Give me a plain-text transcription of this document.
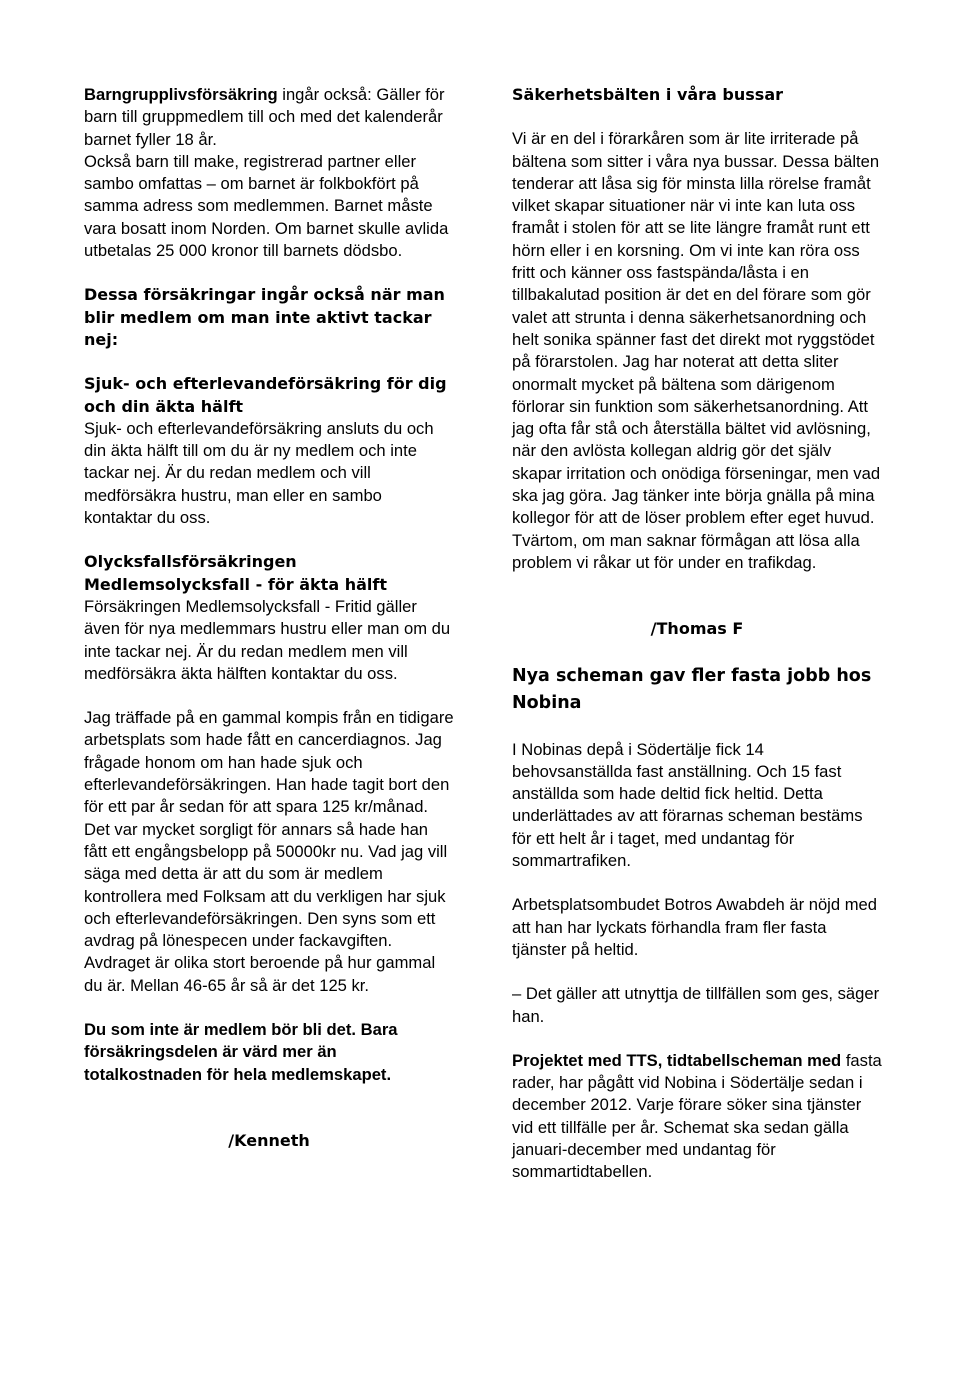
Barngrupplivsförsäkring ingår också: Gäller för barn till gruppmedlem till och med det kalenderår barnet fyller 18 år.
Också barn till make, registrerad partner eller sambo omfattas – om barnet är folkbokfört på samma adress som medlemmen. Barnet måste vara bosatt inom Norden. Om barnet skulle avlida utbetalas 25 000 kronor till barnets dödsbo.

Dessa försäkringar ingår också när man blir medlem om man inte aktivt tackar nej:

Sjuk- och efterlevandeförsäkring för dig och din äkta hälft

Sjuk- och efterlevandeförsäkring ansluts du och din äkta hälft till om du är ny medlem och inte tackar nej. Är du redan medlem och vill medförsäkra hustru, man eller en sambo kontaktar du oss.

Olycksfallsförsäkringen

Medlemsolycksfall - för äkta hälft

Försäkringen Medlemsolycksfall - Fritid gäller även för nya medlemmars hustru eller man om du inte tackar nej. Är du redan medlem men vill medförsäkra äkta hälften kontaktar du oss.

Jag träffade på en gammal kompis från en tidigare arbetsplats som hade fått en cancerdiagnos. Jag frågade honom om han hade sjuk och efterlevandeförsäkringen. Han hade tagit bort den för ett par år sedan för att spara 125 kr/månad. Det var mycket sorgligt för annars så hade han fått ett engångsbelopp på 50000kr nu. Vad jag vill säga med detta är att du som är medlem kontrollera med Folksam att du verkligen har sjuk och efterlevandeförsäkringen. Den syns som ett avdrag på lönespecen under fackavgiften. Avdraget är olika stort beroende på hur gammal du är. Mellan 46-65 år så är det 125 kr.

Du som inte är medlem bör bli det. Bara försäkringsdelen är värd mer än totalkostnaden för hela medlemskapet.

/Kenneth

Säkerhetsbälten i våra bussar

Vi är en del i förarkåren som är lite irriterade på bältena som sitter i våra nya bussar. Dessa bälten tenderar att låsa sig för minsta lilla rörelse framåt vilket skapar situationer när vi inte kan luta oss framåt i stolen för att se lite längre framåt runt ett hörn eller i en korsning. Om vi inte kan röra oss fritt och känner oss fastspända/låsta i en tillbakalutad position är det en del förare som gör valet att strunta i denna säkerhetsanordning och helt sonika spänner fast det direkt mot ryggstödet på förarstolen. Jag har noterat att detta sliter onormalt mycket på bältena som därigenom förlorar sin funktion som säkerhetsanordning. Att jag ofta får stå och återställa bältet vid avlösning, när den avlösta kollegan aldrig gör det själv skapar irritation och onödiga förseningar, men vad ska jag göra. Jag tänker inte börja gnälla på mina kollegor för att de löser problem efter eget huvud. Tvärtom, om man saknar förmågan att lösa alla problem vi råkar ut för under en trafikdag.

/Thomas F

Nya scheman gav fler fasta jobb hos Nobina

I Nobinas depå i Södertälje fick 14 behovsanställda fast anställning. Och 15 fast anställda som hade deltid fick heltid. Detta underlättades av att förarnas scheman bestäms för ett helt år i taget, med undantag för sommartrafiken.

Arbetsplatsombudet Botros Awabdeh är nöjd med att han har lyckats förhandla fram fler fasta tjänster på heltid.

– Det gäller att utnyttja de tillfällen som ges, säger han.

Projektet med TTS, tidtabellscheman med fasta rader, har pågått vid Nobina i Södertälje sedan i december 2012. Varje förare söker sina tjänster vid ett tillfälle per år. Schemat ska sedan gälla januari-december med undantag för sommartidtabellen.
